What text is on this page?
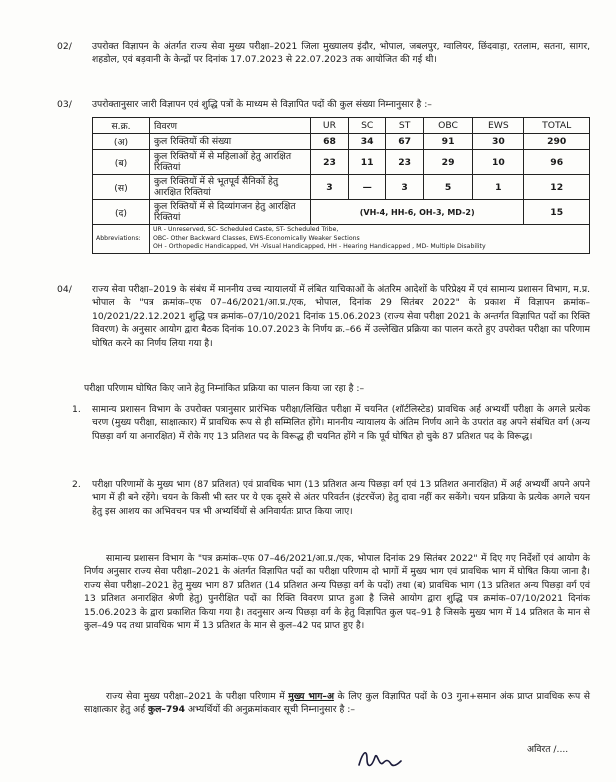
02/ उपरोक्त विज्ञापन के अंतर्गत राज्य सेवा मुख्य परीक्षा–2021 जिला मुख्यालय इंदौर, भोपाल, जबलपुर, ग्वालियर, छिंदवाड़ा, रतलाम, सतना, सागर, शहडोल, एवं बड़वानी के केन्द्रों पर दिनांक 17.07.2023 से 22.07.2023 तक आयोजित की गई थी।
03/ उपरोक्तानुसार जारी विज्ञापन एवं शुद्धि पत्रों के माध्यम से विज्ञापित पदों की कुल संख्या निम्नानुसार है :–
स.क्र.	विवरण	UR	SC	ST	OBC	EWS	TOTAL
(अ)	कुल रिक्तियों की संख्या	68	34	67	91	30	290
(ब)	कुल रिक्तियों में से महिलाओं हेतु आरक्षित रिक्तियां	23	11	23	29	10	96
(स)	कुल रिक्तियों में से भूतपूर्व सैनिकों हेतु आरक्षित रिक्तियां	3	—	3	5	1	12
(द)	कुल रिक्तियों में से दिव्यांगजन हेतु आरक्षित रिक्तियां	(VH-4, HH-6, OH-3, MD-2)					15
Abbreviations:	UR - Unreserved, SC- Scheduled Caste, ST- Scheduled Tribe,
OBC- Other Backward Classes, EWS-Economically Weaker Sections
OH - Orthopedic Handicapped, VH -Visual Handicapped, HH - Hearing Handicapped , MD- Multiple Disability						
04/ राज्य सेवा परीक्षा–2019 के संबंध में माननीय उच्च न्यायालयों में लंबित याचिकाओं के अंतरिम आदेशों के परिप्रेक्ष्य में एवं सामान्य प्रशासन विभाग, म.प्र. भोपाल के "पत्र क्रमांक–एफ 07–46/2021/आ.प्र./एक, भोपाल, दिनांक 29 सितंबर 2022" के प्रकाश में विज्ञापन क्रमांक–10/2021/22.12.2021 शुद्धि पत्र क्रमांक–07/10/2021 दिनांक 15.06.2023 (राज्य सेवा परीक्षा 2021 के अन्तर्गत विज्ञापित पदों का रिक्ति विवरण) के अनुसार आयोग द्वारा बैठक दिनांक 10.07.2023 के निर्णय क्र.–66 में उल्लेखित प्रक्रिया का पालन करते हुए उपरोक्त परीक्षा का परिणाम घोषित करने का निर्णय लिया गया है।
परीक्षा परिणाम घोषित किए जाने हेतु निम्नांकित प्रक्रिया का पालन किया जा रहा है :–
1. सामान्य प्रशासन विभाग के उपरोक्त पत्रानुसार प्रारंभिक परीक्षा/लिखित परीक्षा में चयनित (शॉर्टलिस्टेड) प्रावधिक अर्ह अभ्यर्थी परीक्षा के अगले प्रत्येक चरण (मुख्य परीक्षा, साक्षात्कार) में प्रावधिक रूप से ही सम्मिलित होंगे। माननीय न्यायालय के अंतिम निर्णय आने के उपरांत वह अपने संबंधित वर्ग (अन्य पिछड़ा वर्ग या अनारक्षित) में रोके गए 13 प्रतिशत पद के विरूद्ध ही चयनित होंगे न कि पूर्व घोषित हो चुके 87 प्रतिशत पद के विरूद्ध।
2. परीक्षा परिणामों के मुख्य भाग (87 प्रतिशत) एवं प्रावधिक भाग (13 प्रतिशत अन्य पिछड़ा वर्ग एवं 13 प्रतिशत अनारक्षित) में अर्ह अभ्यर्थी अपने अपने भाग में ही बने रहेंगे। चयन के किसी भी स्तर पर ये एक दूसरे से अंतर परिवर्तन (इंटरचेंज) हेतु दावा नहीं कर सकेंगे। चयन प्रक्रिया के प्रत्येक अगले चयन हेतु इस आशय का अभिवचन पत्र भी अभ्यर्थियों से अनिवार्यतः प्राप्त किया जाए।
सामान्य प्रशासन विभाग के "पत्र क्रमांक–एफ 07–46/2021/आ.प्र./एक, भोपाल दिनांक 29 सितंबर 2022" में दिए गए निर्देशों एवं आयोग के निर्णय अनुसार राज्य सेवा परीक्षा–2021 के अंतर्गत विज्ञापित पदों का परीक्षा परिणाम दो भागों में मुख्य भाग एवं प्रावधिक भाग में घोषित किया जाना है। राज्य सेवा परीक्षा–2021 हेतु मुख्य भाग 87 प्रतिशत (14 प्रतिशत अन्य पिछड़ा वर्ग के पदों) तथा (ब) प्रावधिक भाग (13 प्रतिशत अन्य पिछड़ा वर्ग एवं 13 प्रतिशत अनारक्षित श्रेणी हेतु) पुनरीक्षित पदों का रिक्ति विवरण प्राप्त हुआ है जिसे आयोग द्वारा शुद्धि पत्र क्रमांक–07/10/2021 दिनांक 15.06.2023 के द्वारा प्रकाशित किया गया है। तदनुसार अन्य पिछड़ा वर्ग के हेतु विज्ञापित कुल पद–91 है जिसके मुख्य भाग में 14 प्रतिशत के मान से कुल–49 पद तथा प्रावधिक भाग में 13 प्रतिशत के मान से कुल–42 पद प्राप्त हुए है।
राज्य सेवा मुख्य परीक्षा–2021 के परीक्षा परिणाम में मुख्य भाग–अ के लिए कुल विज्ञापित पदों के 03 गुना+समान अंक प्राप्त प्रावधिक रूप से साक्षात्कार हेतु अर्ह कुल–794 अभ्यर्थियों की अनुक्रमांकवार सूची निम्नानुसार है :–
अविरत /....
